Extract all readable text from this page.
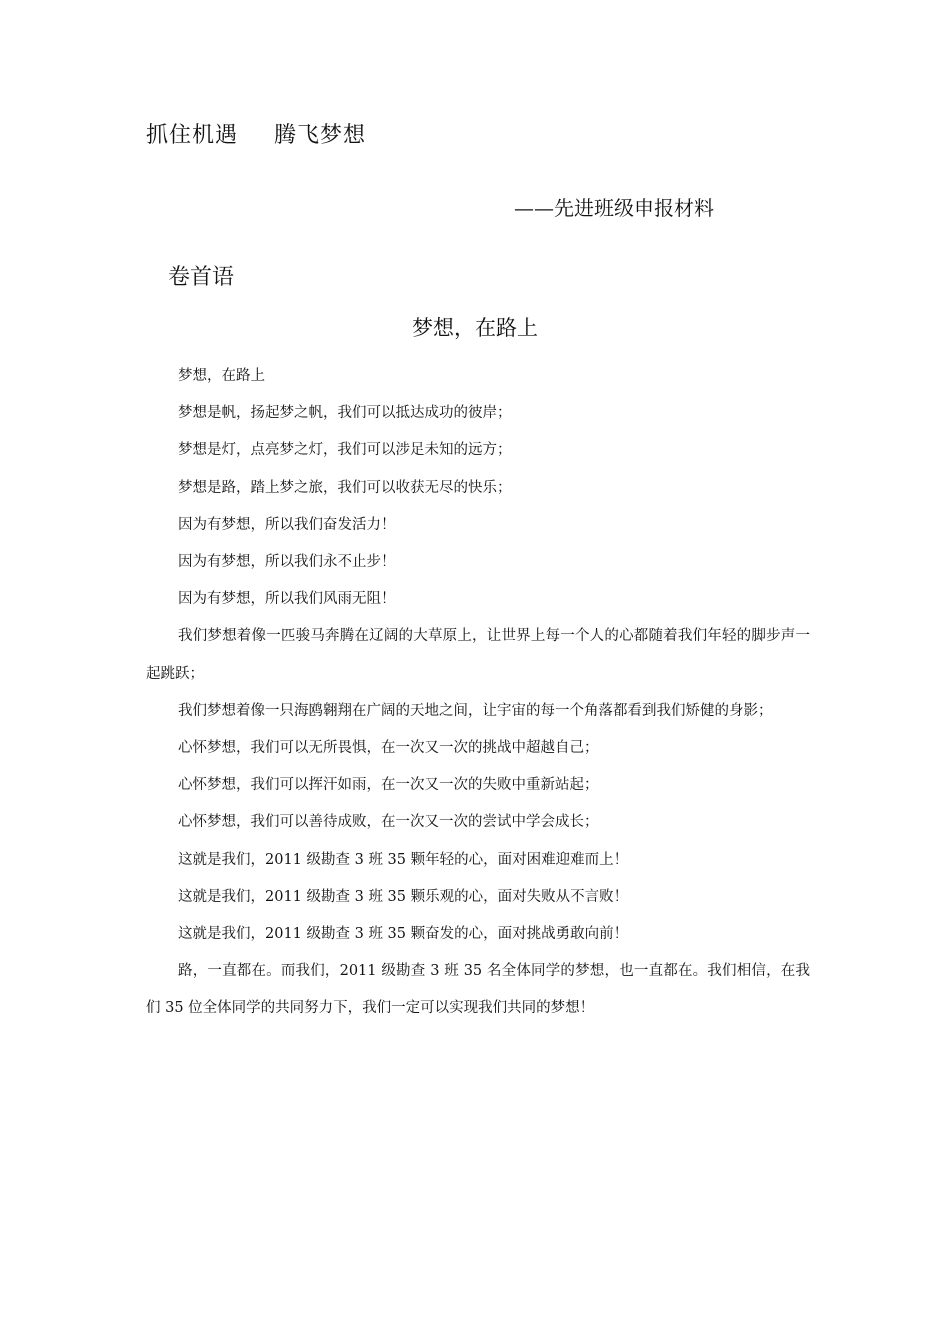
抓住机遇 腾飞梦想
——先进班级申报材料
卷首语
梦想，在路上

梦想，在路上

梦想是帆，扬起梦之帆，我们可以抵达成功的彼岸；

梦想是灯，点亮梦之灯，我们可以涉足未知的远方；

梦想是路，踏上梦之旅，我们可以收获无尽的快乐；

因为有梦想，所以我们奋发活力！

因为有梦想，所以我们永不止步！

因为有梦想，所以我们风雨无阻！

我们梦想着像一匹骏马奔腾在辽阔的大草原上，让世界上每一个人的心都随着我们年轻的脚步声一起跳跃；

我们梦想着像一只海鸥翱翔在广阔的天地之间，让宇宙的每一个角落都看到我们矫健的身影；

心怀梦想，我们可以无所畏惧，在一次又一次的挑战中超越自己；

心怀梦想，我们可以挥汗如雨，在一次又一次的失败中重新站起；

心怀梦想，我们可以善待成败，在一次又一次的尝试中学会成长；

这就是我们，2011 级勘查 3 班 35 颗年轻的心，面对困难迎难而上！

这就是我们，2011 级勘查 3 班 35 颗乐观的心，面对失败从不言败！

这就是我们，2011 级勘查 3 班 35 颗奋发的心，面对挑战勇敢向前！

路，一直都在。而我们，2011 级勘查 3 班 35 名全体同学的梦想，也一直都在。我们相信，在我们 35 位全体同学的共同努力下，我们一定可以实现我们共同的梦想！
